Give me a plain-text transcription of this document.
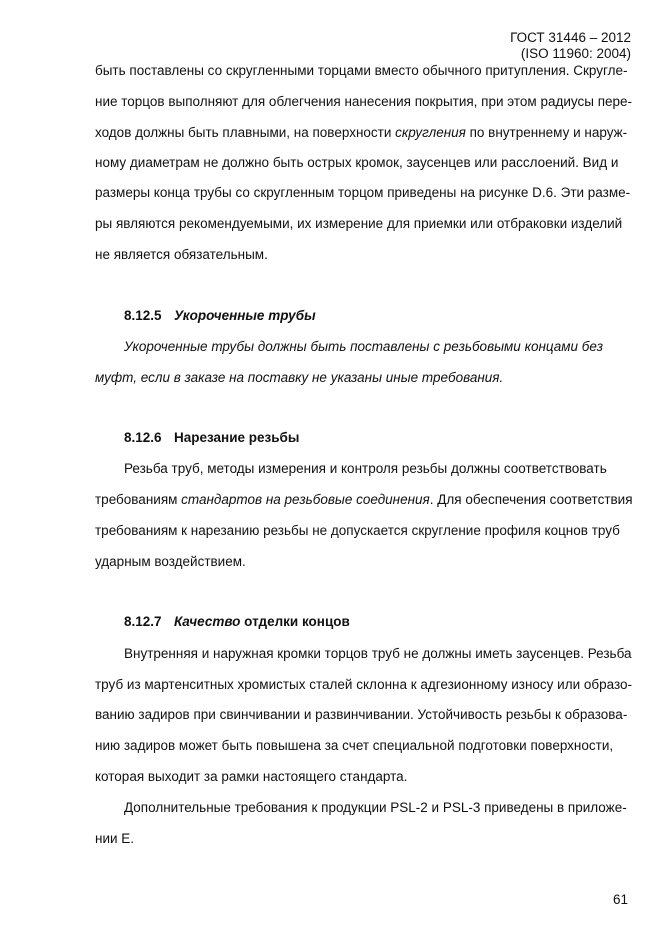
ГОСТ 31446 – 2012
(ISO 11960: 2004)
быть поставлены со скругленными торцами вместо обычного притупления. Скругле-
ние торцов выполняют для облегчения нанесения покрытия, при этом радиусы пере-
ходов должны быть плавными, на поверхности скругления по внутреннему и наруж-
ному диаметрам не должно быть острых кромок, заусенцев или расслоений. Вид и
размеры конца трубы со скругленным торцом приведены на рисунке D.6. Эти разме-
ры являются рекомендуемыми, их измерение для приемки или отбраковки изделий
не является обязательным.
8.12.5 Укороченные трубы
Укороченные трубы должны быть поставлены с резьбовыми концами без
муфт, если в заказе на поставку не указаны иные требования.
8.12.6 Нарезание резьбы
Резьба труб, методы измерения и контроля резьбы должны соответствовать
требованиям стандартов на резьбовые соединения. Для обеспечения соответствия
требованиям к нарезанию резьбы не допускается скругление профиля коцнов труб
ударным воздействием.
8.12.7 Качество отделки концов
Внутренняя и наружная кромки торцов труб не должны иметь заусенцев. Резьба
труб из мартенситных хромистых сталей склонна к адгезионному износу или образо-
ванию задиров при свинчивании и развинчивании. Устойчивость резьбы к образова-
нию задиров может быть повышена за счет специальной подготовки поверхности,
которая выходит за рамки настоящего стандарта.
Дополнительные требования к продукции PSL-2 и PSL-3 приведены в приложе-
нии Е.
61
